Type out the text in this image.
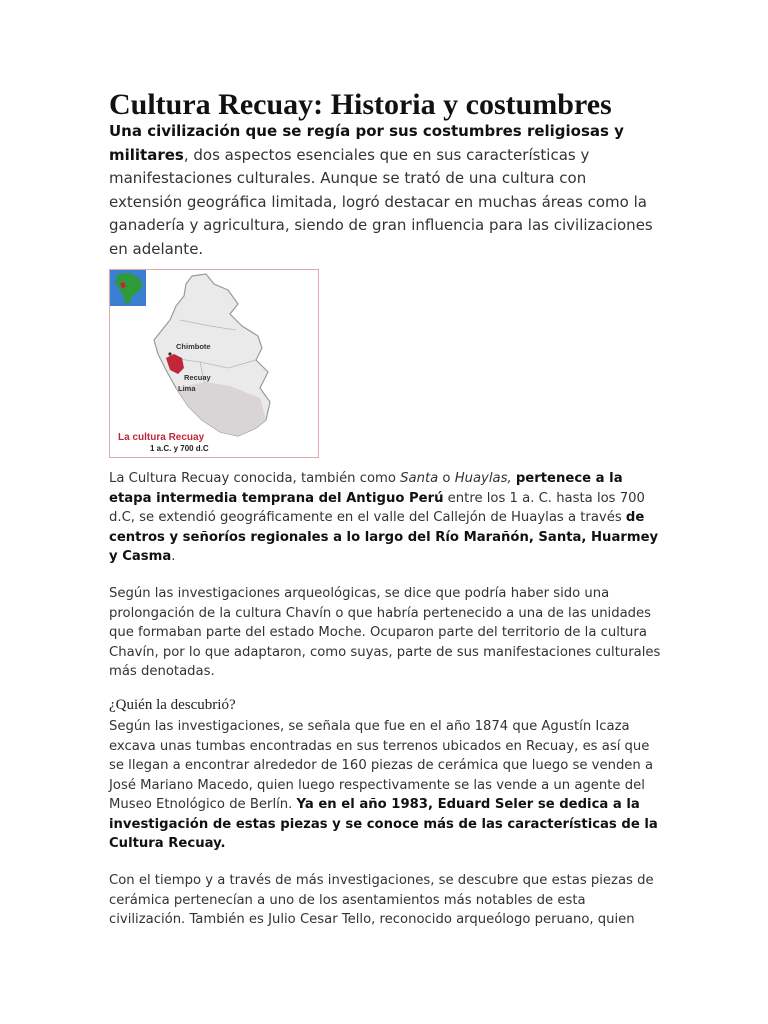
Cultura Recuay: Historia y costumbres

Una civilización que se regía por sus costumbres religiosas y militares, dos aspectos esenciales que en sus características y manifestaciones culturales. Aunque se trató de una cultura con extensión geográfica limitada, logró destacar en muchas áreas como la ganadería y agricultura, siendo de gran influencia para las civilizaciones en adelante.

Chimbote
Recuay
Lima
La cultura Recuay
1 a.C. y 700 d.C

La Cultura Recuay conocida, también como Santa o Huaylas, pertenece a la etapa intermedia temprana del Antiguo Perú entre los 1 a. C. hasta los 700 d.C, se extendió geográficamente en el valle del Callejón de Huaylas a través de centros y señoríos regionales a lo largo del Río Marañón, Santa, Huarmey y Casma.

Según las investigaciones arqueológicas, se dice que podría haber sido una prolongación de la cultura Chavín o que habría pertenecido a una de las unidades que formaban parte del estado Moche. Ocuparon parte del territorio de la cultura Chavín, por lo que adaptaron, como suyas, parte de sus manifestaciones culturales más denotadas.

¿Quién la descubrió?

Según las investigaciones, se señala que fue en el año 1874 que Agustín Icaza excava unas tumbas encontradas en sus terrenos ubicados en Recuay, es así que se llegan a encontrar alrededor de 160 piezas de cerámica que luego se venden a José Mariano Macedo, quien luego respectivamente se las vende a un agente del Museo Etnológico de Berlín. Ya en el año 1983, Eduard Seler se dedica a la investigación de estas piezas y se conoce más de las características de la Cultura Recuay.

Con el tiempo y a través de más investigaciones, se descubre que estas piezas de cerámica pertenecían a uno de los asentamientos más notables de esta civilización. También es Julio Cesar Tello, reconocido arqueólogo peruano, quien
